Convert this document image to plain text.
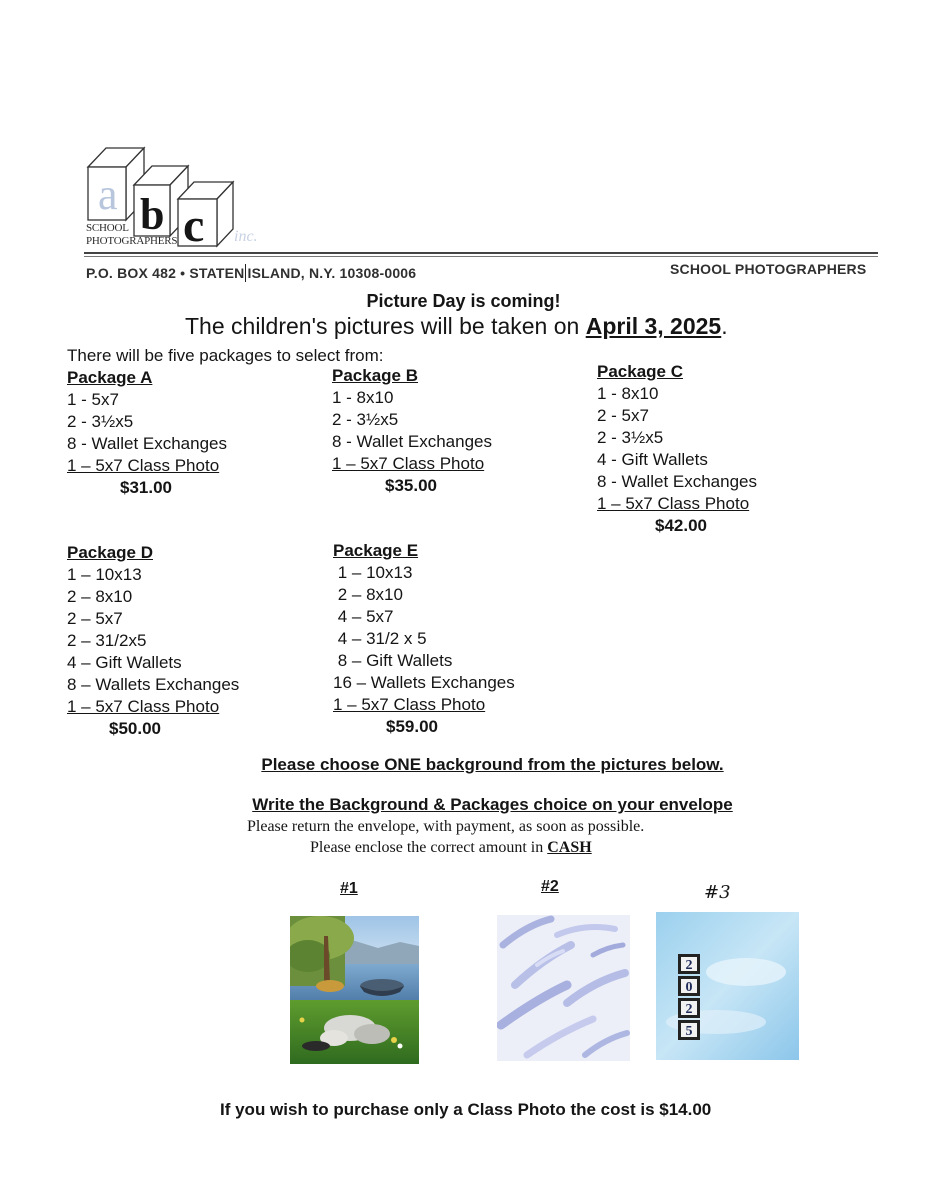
a b c inc.
SCHOOL PHOTOGRAPHERS
P.O. BOX 482 • STATEN ISLAND, N.Y. 10308-0006	SCHOOL PHOTOGRAPHERS
Picture Day is coming!
The children's pictures will be taken on April 3, 2025.
There will be five packages to select from:
Package A
1 - 5x7
2 - 3½x5
8 - Wallet Exchanges
1 – 5x7 Class Photo
$31.00
Package B
1 - 8x10
2 - 3½x5
8 - Wallet Exchanges
1 – 5x7 Class Photo
$35.00
Package C
1 - 8x10
2 - 5x7
2 - 3½x5
4 - Gift Wallets
8 - Wallet Exchanges
1 – 5x7 Class Photo
$42.00
Package D
1 – 10x13
2 – 8x10
2 – 5x7
2 – 31/2x5
4 – Gift Wallets
8 – Wallets Exchanges
1 – 5x7 Class Photo
$50.00
Package E
1 – 10x13
2 – 8x10
4 – 5x7
4 – 31/2 x 5
8 – Gift Wallets
16 – Wallets Exchanges
1 – 5x7 Class Photo
$59.00
Please choose ONE background from the pictures below.
Write the Background & Packages choice on your envelope
Please return the envelope, with payment, as soon as possible.
Please enclose the correct amount in CASH
#1	#2	#3
2
0
2
5
If you wish to purchase only a Class Photo the cost is $14.00
